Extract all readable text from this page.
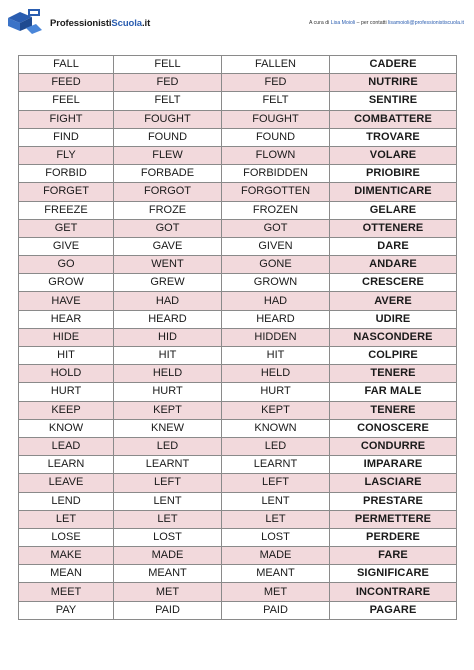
ProfessionistiScuola.it	A cura di Lisa Moioli – per contatti lisamoioli@professionistiscuola.it
FALL	FELL	FALLEN	CADERE
FEED	FED	FED	NUTRIRE
FEEL	FELT	FELT	SENTIRE
FIGHT	FOUGHT	FOUGHT	COMBATTERE
FIND	FOUND	FOUND	TROVARE
FLY	FLEW	FLOWN	VOLARE
FORBID	FORBADE	FORBIDDEN	PRIOBIRE
FORGET	FORGOT	FORGOTTEN	DIMENTICARE
FREEZE	FROZE	FROZEN	GELARE
GET	GOT	GOT	OTTENERE
GIVE	GAVE	GIVEN	DARE
GO	WENT	GONE	ANDARE
GROW	GREW	GROWN	CRESCERE
HAVE	HAD	HAD	AVERE
HEAR	HEARD	HEARD	UDIRE
HIDE	HID	HIDDEN	NASCONDERE
HIT	HIT	HIT	COLPIRE
HOLD	HELD	HELD	TENERE
HURT	HURT	HURT	FAR MALE
KEEP	KEPT	KEPT	TENERE
KNOW	KNEW	KNOWN	CONOSCERE
LEAD	LED	LED	CONDURRE
LEARN	LEARNT	LEARNT	IMPARARE
LEAVE	LEFT	LEFT	LASCIARE
LEND	LENT	LENT	PRESTARE
LET	LET	LET	PERMETTERE
LOSE	LOST	LOST	PERDERE
MAKE	MADE	MADE	FARE
MEAN	MEANT	MEANT	SIGNIFICARE
MEET	MET	MET	INCONTRARE
PAY	PAID	PAID	PAGARE
